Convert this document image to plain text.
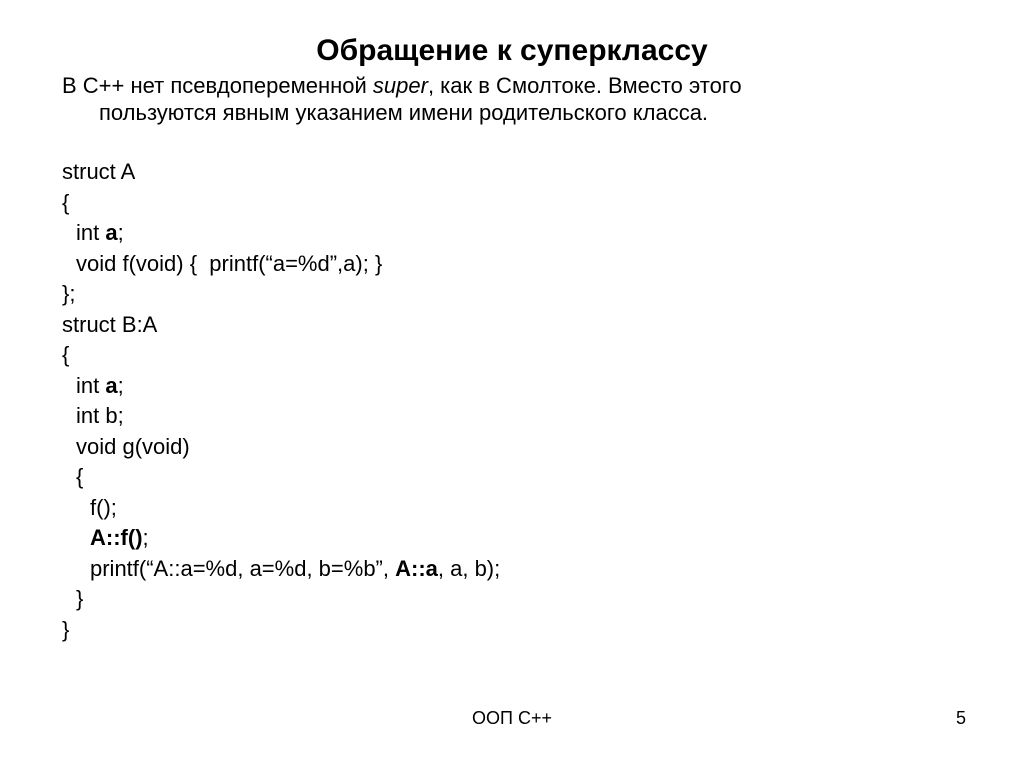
Обращение к суперклассу
В С++ нет псевдопеременной super, как в Смолтоке. Вместо этого
пользуются явным указанием имени родительского класса.
struct A
{
int a;
void f(void) {  printf(“a=%d”,a); }
};
struct B:A
{
int a;
int b;
void g(void)
{
f();
A::f();
printf(“A::a=%d, a=%d, b=%b”, A::a, a, b);
}
}
ООП С++	5
